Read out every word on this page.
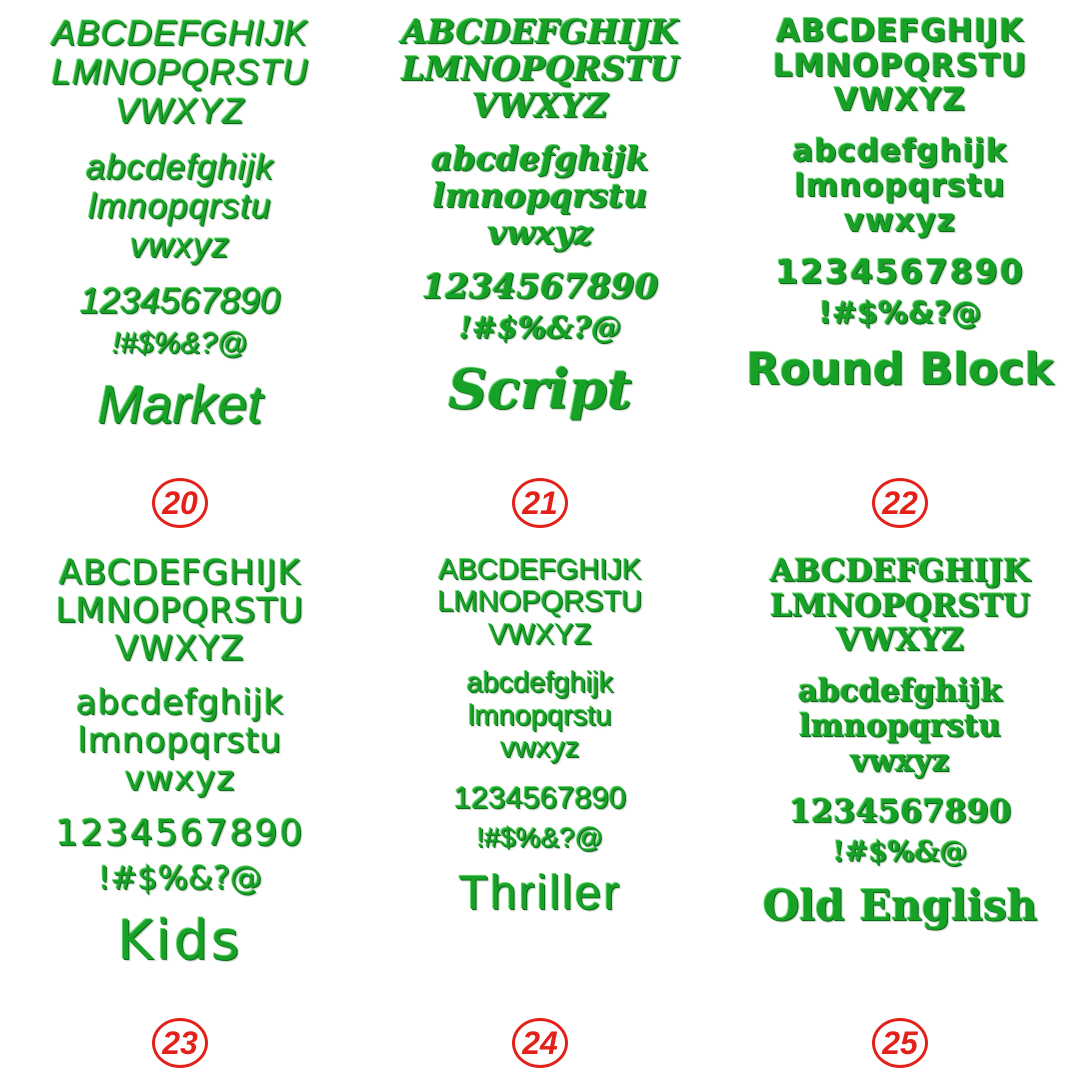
ABCDEFGHIJK
LMNOPQRSTU
VWXYZ
abcdefghijk
lmnopqrstu
vwxyz
1234567890
!#$%&?@
Market
20
ABCDEFGHIJK
LMNOPQRSTU
VWXYZ
abcdefghijk
lmnopqrstu
vwxyz
1234567890
!#$%&?@
Script
21
ABCDEFGHIJK
LMNOPQRSTU
VWXYZ
abcdefghijk
lmnopqrstu
vwxyz
1234567890
!#$%&?@
Round Block
22
ABCDEFGHIJK
LMNOPQRSTU
VWXYZ
abcdefghijk
lmnopqrstu
vwxyz
1234567890
!#$%&?@
Kids
23
ABCDEFGHIJK
LMNOPQRSTU
VWXYZ
abcdefghijk
lmnopqrstu
vwxyz
1234567890
!#$%&?@
Thriller
24
ABCDEFGHIJK
LMNOPQRSTU
VWXYZ
abcdefghijk
lmnopqrstu
vwxyz
1234567890
!#$%&@
Old English
25
